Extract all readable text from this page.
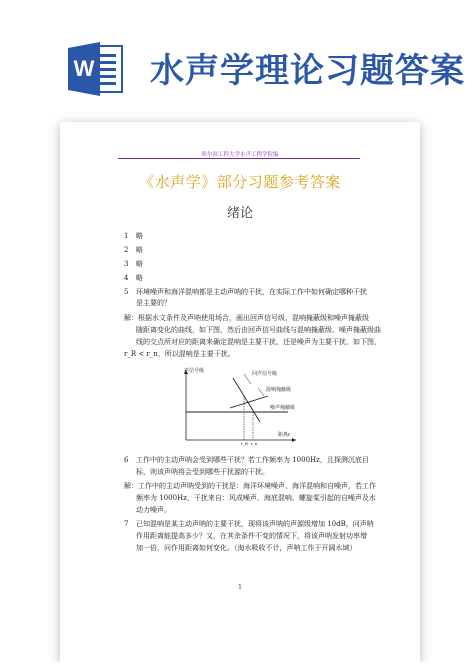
W 水声学理论习题答案
哈尔滨工程大学水声工程学院编
《水声学》部分习题参考答案
绪论
1 略
2 略
3 略
4 略
5 环境噪声和海洋混响都是主动声呐的干扰，在实际工作中如何确定哪种干扰
是主要的？
解：根据水文条件及声呐使用场合，画出回声信号级、混响掩蔽级和噪声掩蔽级
随距离变化的曲线，如下图，然后由回声信号曲线与混响掩蔽级、噪声掩蔽级曲
线的交点所对应的距离来确定混响是主要干扰，还是噪声为主要干扰，如下图，
r_R < r_n，所以混响是主要干扰。
声信号级
距离r
回声信号级
混响掩蔽级
噪声掩蔽级
r_R r_n
6 工作中的主动声呐会受到哪些干扰？若工作频率为 1000Hz，且探测沉底目
标，则该声呐将会受到哪些干扰源的干扰。
解：工作中的主动声呐受到的干扰是：海洋环境噪声、海洋混响和自噪声，若工作
频率为 1000Hz，干扰来自：风成噪声、海底混响、螺旋桨引起的自噪声及水
动力噪声。
7 已知混响是某主动声呐的主要干扰，现将该声呐的声源级增加 10dB，问声呐
作用距离能提高多少？又，在其余条件不变的情况下，将该声呐发射功率增
加一倍，问作用距离如何变化。（海水吸收不计，声呐工作于开阔水域）
1
